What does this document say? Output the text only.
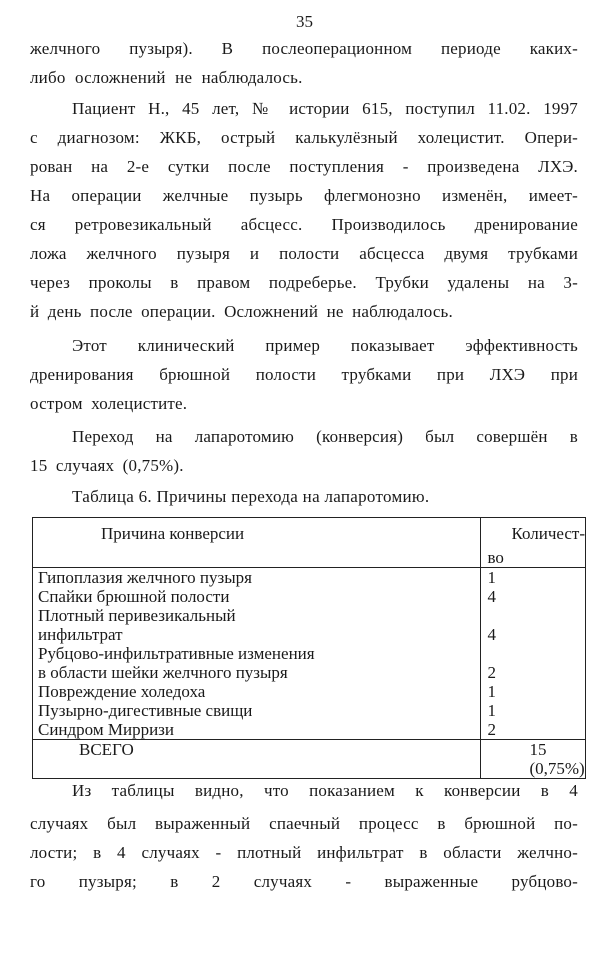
35
желчного пузыря). В послеоперационном периоде каких-
либо осложнений не наблюдалось.
Пациент Н., 45 лет, № истории 615, поступил 11.02. 1997
с диагнозом: ЖКБ, острый калькулёзный холецистит. Опери-
рован на 2-е сутки после поступления - произведена ЛХЭ.
На операции желчные пузырь флегмонозно изменён, имеет-
ся ретровезикальный абсцесс. Производилось дренирование
ложа желчного пузыря и полости абсцесса двумя трубками
через проколы в правом подреберье. Трубки удалены на 3-
й день после операции. Осложнений не наблюдалось.
Этот клинический пример показывает эффективность
дренирования брюшной полости трубками при ЛХЭ при
остром холецистите.
Переход на лапаротомию (конверсия) был совершён в
15 случаях (0,75%).
Таблица 6. Причины перехода на лапаротомию.
Причина конверсии	Количест-
	во
Гипоплазия желчного пузыря	1
Спайки брюшной полости	4

Плотный перивезикальный
инфильтрат	4

Рубцово-инфильтративные изменения
в области шейки желчного пузыря	2
Повреждение холедоха	1
Пузырно-дигестивные свищи	1
Синдром Мирризи	2
ВСЕГО	15 (0,75%)
Из таблицы видно, что показанием к конверсии в 4
случаях был выраженный спаечный процесс в брюшной по-
лости; в 4 случаях - плотный инфильтрат в области желчно-
го пузыря; в 2 случаях - выраженные рубцово-
